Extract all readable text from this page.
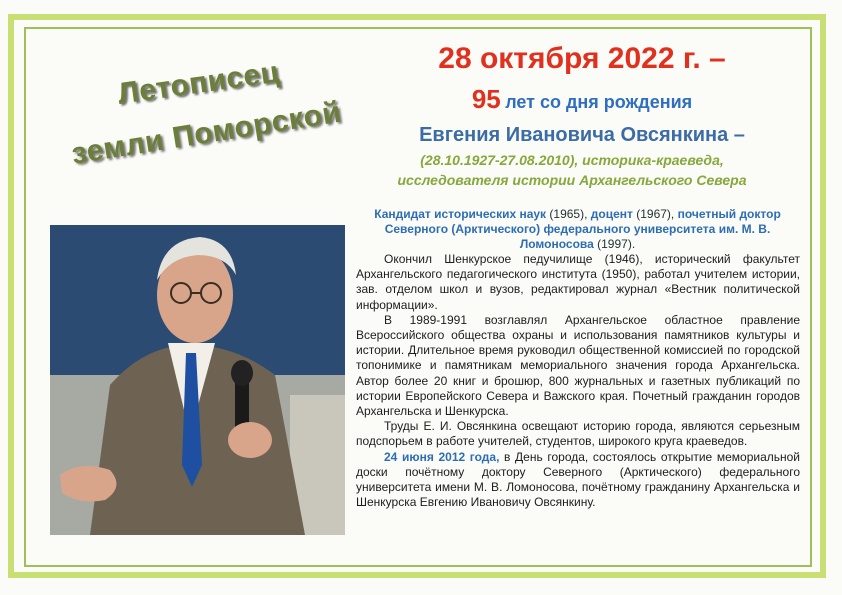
Летописец
земли Поморской
28 октября 2022 г. –
95 лет со дня рождения
Евгения Ивановича Овсянкина –
(28.10.1927-27.08.2010), историка-краеведа,
исследователя истории Архангельского Севера
Кандидат исторических наук (1965), доцент (1967), почетный доктор Северного (Арктического) федерального университета им. М. В. Ломоносова (1997).

Окончил Шенкурское педучилище (1946), исторический факультет Архангельского педагогического института (1950), работал учителем истории, зав. отделом школ и вузов, редактировал журнал «Вестник политической информации».

В 1989-1991 возглавлял Архангельское областное правление Всероссийского общества охраны и использования памятников культуры и истории. Длительное время руководил общественной комиссией по городской топонимике и памятникам мемориального значения города Архангельска. Автор более 20 книг и брошюр, 800 журнальных и газетных публикаций по истории Европейского Севера и Важского края. Почетный гражданин городов Архангельска и Шенкурска.

Труды Е. И. Овсянкина освещают историю города, являются серьезным подспорьем в работе учителей, студентов, широкого круга краеведов.

24 июня 2012 года, в День города, состоялось открытие мемориальной доски почётному доктору Северного (Арктического) федерального университета имени М. В. Ломоносова, почётному гражданину Архангельска и Шенкурска Евгению Ивановичу Овсянкину.
